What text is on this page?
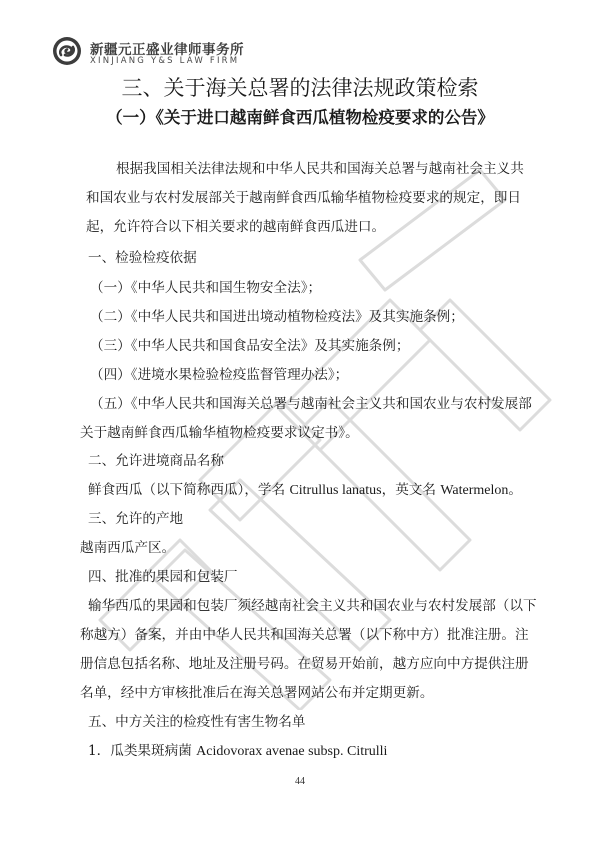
新疆元正盛业律师事务所
XINJIANG Y&S LAW FIRM
三、关于海关总署的法律法规政策检索
（一）《关于进口越南鲜食西瓜植物检疫要求的公告》
根据我国相关法律法规和中华人民共和国海关总署与越南社会主义共和国农业与农村发展部关于越南鲜食西瓜输华植物检疫要求的规定，即日起，允许符合以下相关要求的越南鲜食西瓜进口。
一、检验检疫依据
（一）《中华人民共和国生物安全法》；
（二）《中华人民共和国进出境动植物检疫法》及其实施条例；
（三）《中华人民共和国食品安全法》及其实施条例；
（四）《进境水果检验检疫监督管理办法》；
（五）《中华人民共和国海关总署与越南社会主义共和国农业与农村发展部
关于越南鲜食西瓜输华植物检疫要求议定书》。
二、允许进境商品名称
鲜食西瓜（以下简称西瓜），学名 Citrullus lanatus，英文名 Watermelon。
三、允许的产地
越南西瓜产区。
四、批准的果园和包装厂
输华西瓜的果园和包装厂须经越南社会主义共和国农业与农村发展部（以下称越方）备案，并由中华人民共和国海关总署（以下称中方）批准注册。注册信息包括名称、地址及注册号码。在贸易开始前，越方应向中方提供注册名单，经中方审核批准后在海关总署网站公布并定期更新。
五、中方关注的检疫性有害生物名单
1．瓜类果斑病菌 Acidovorax avenae subsp. Citrulli
44
